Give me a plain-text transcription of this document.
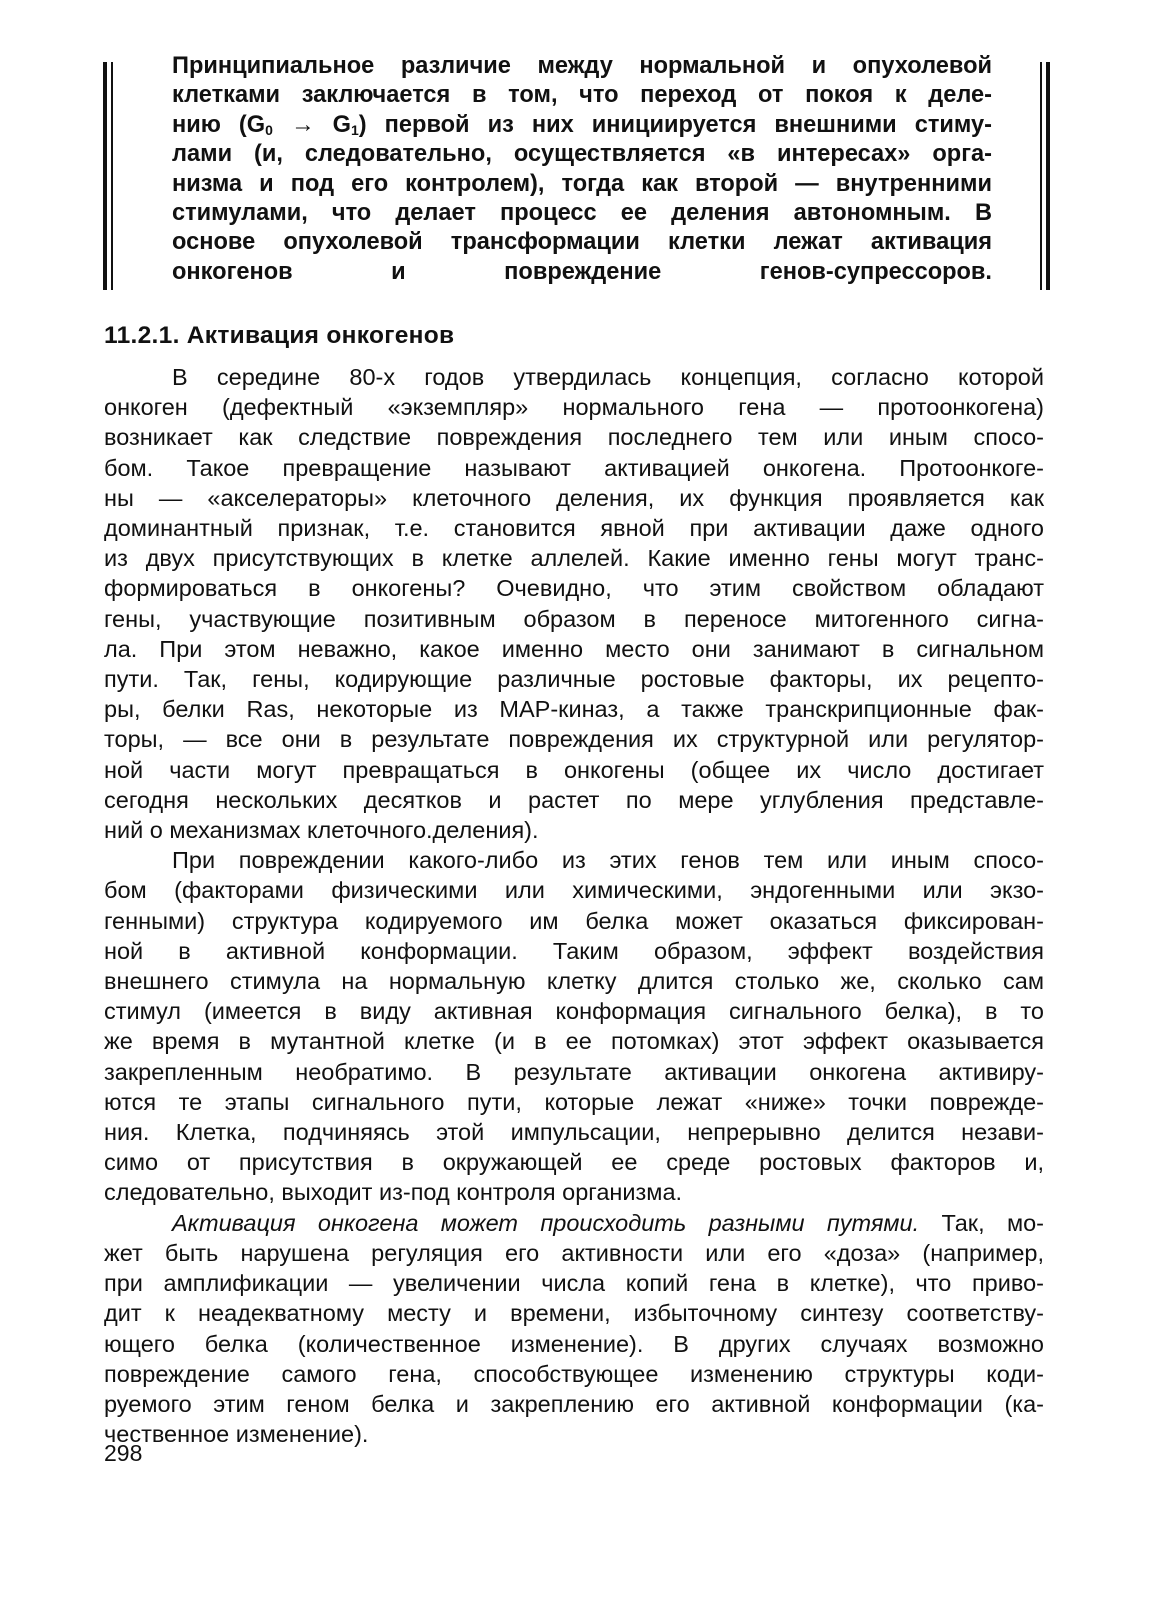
Принципиальное различие между нормальной и опухолевой
клетками заключается в том, что переход от покоя к деле-
нию $(G_0 \to G_1)$ первой из них инициируется внешними стиму-
лами (и, следовательно, осуществляется «в интересах» орга-
низма и под его контролем), тогда как второй — внутренними
стимулами, что делает процесс ее деления автономным. В
основе опухолевой трансформации клетки лежат активация
онкогенов и повреждение генов-супрессоров.

11.2.1. Активация онкогенов

В середине 80-х годов утвердилась концепция, согласно которой
онкоген (дефектный «экземпляр» нормального гена — протоонкогена)
возникает как следствие повреждения последнего тем или иным спосо-
бом. Такое превращение называют активацией онкогена. Протоонкоге-
ны — «акселераторы» клеточного деления, их функция проявляется как
доминантный признак, т.е. становится явной при активации даже одного
из двух присутствующих в клетке аллелей. Какие именно гены могут транс-
формироваться в онкогены? Очевидно, что этим свойством обладают
гены, участвующие позитивным образом в переносе митогенного сигна-
ла. При этом неважно, какое именно место они занимают в сигнальном
пути. Так, гены, кодирующие различные ростовые факторы, их рецепто-
ры, белки Ras, некоторые из МАР-киназ, а также транскрипционные фак-
торы, — все они в результате повреждения их структурной или регулятор-
ной части могут превращаться в онкогены (общее их число достигает
сегодня нескольких десятков и растет по мере углубления представле-
ний о механизмах клеточного.деления).

При повреждении какого-либо из этих генов тем или иным спосо-
бом (факторами физическими или химическими, эндогенными или экзо-
генными) структура кодируемого им белка может оказаться фиксирован-
ной в активной конформации. Таким образом, эффект воздействия
внешнего стимула на нормальную клетку длится столько же, сколько сам
стимул (имеется в виду активная конформация сигнального белка), в то
же время в мутантной клетке (и в ее потомках) этот эффект оказывается
закрепленным необратимо. В результате активации онкогена активиру-
ются те этапы сигнального пути, которые лежат «ниже» точки поврежде-
ния. Клетка, подчиняясь этой импульсации, непрерывно делится незави-
симо от присутствия в окружающей ее среде ростовых факторов и,
следовательно, выходит из-под контроля организма.

Активация онкогена может происходить разными путями. Так, мо-
жет быть нарушена регуляция его активности или его «доза» (например,
при амплификации — увеличении числа копий гена в клетке), что приво-
дит к неадекватному месту и времени, избыточному синтезу соответству-
ющего белка (количественное изменение). В других случаях возможно
повреждение самого гена, способствующее изменению структуры коди-
руемого этим геном белка и закреплению его активной конформации (ка-
чественное изменение).

298
